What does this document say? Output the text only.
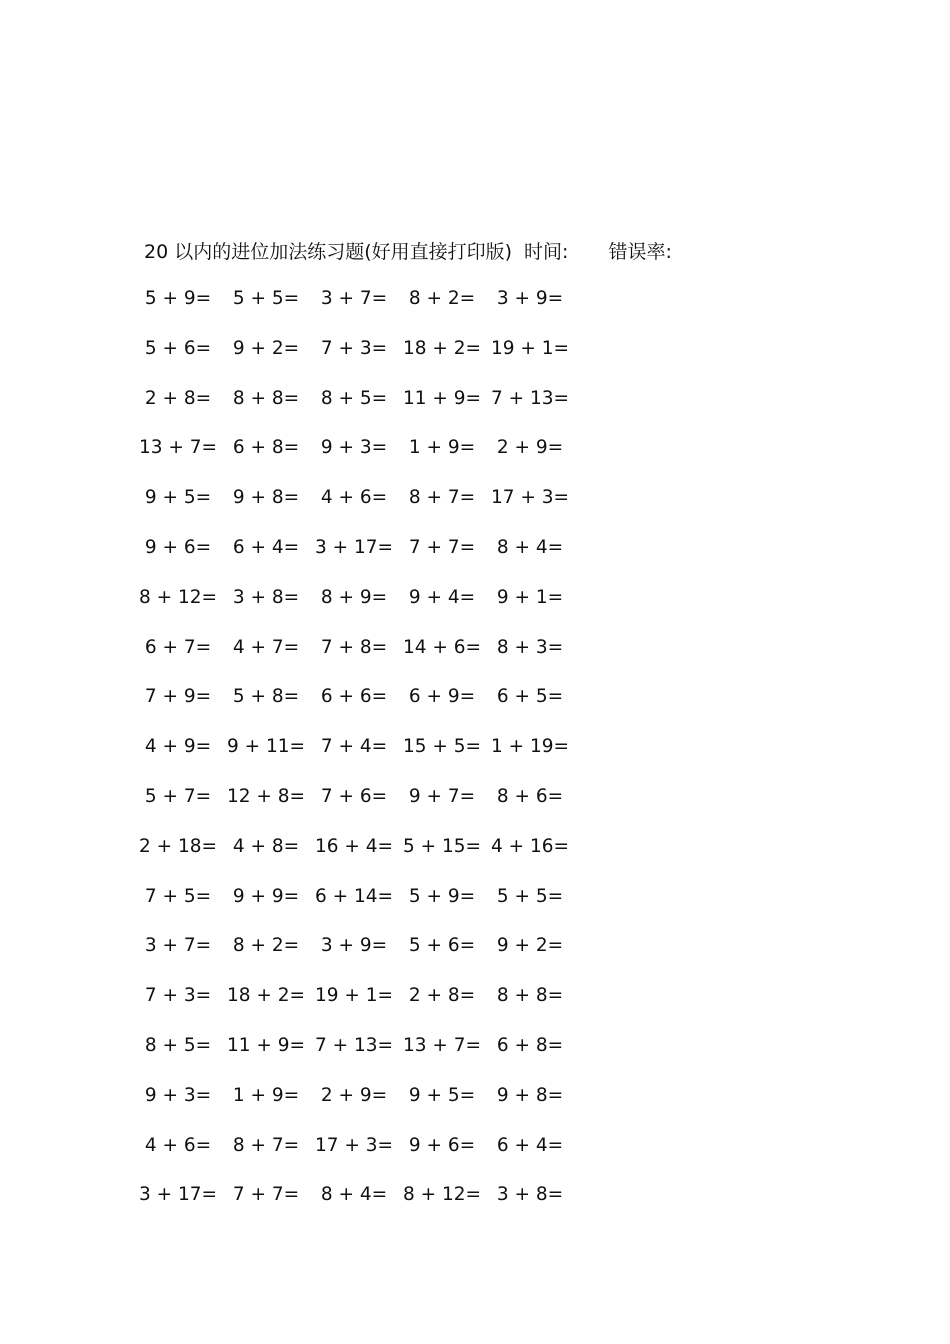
20 以内的进位加法练习题(好用直接打印版) 时间: 错误率:
5 + 9=	5 + 5=	3 + 7=	8 + 2=	3 + 9=
5 + 6=	9 + 2=	7 + 3= 18 + 2= 19 + 1=
2 + 8=	8 + 8=	8 + 5= 11 + 9= 7 + 13=
13 + 7= 6 + 8=	9 + 3=	1 + 9=	2 + 9=
9 + 5=	9 + 8=	4 + 6=	8 + 7= 17 + 3=
9 + 6=	6 + 4= 3 + 17= 7 + 7=	8 + 4=
8 + 12= 3 + 8=	8 + 9=	9 + 4=	9 + 1=
6 + 7=	4 + 7=	7 + 8= 14 + 6= 8 + 3=
7 + 9=	5 + 8=	6 + 6=	6 + 9=	6 + 5=
4 + 9= 9 + 11= 7 + 4= 15 + 5= 1 + 19=
5 + 7= 12 + 8= 7 + 6=	9 + 7=	8 + 6=
2 + 18= 4 + 8= 16 + 4= 5 + 15= 4 + 16=
7 + 5=	9 + 9= 6 + 14= 5 + 9=	5 + 5=
3 + 7=	8 + 2=	3 + 9=	5 + 6=	9 + 2=
7 + 3= 18 + 2= 19 + 1= 2 + 8=	8 + 8=
8 + 5= 11 + 9= 7 + 13= 13 + 7= 6 + 8=
9 + 3=	1 + 9=	2 + 9=	9 + 5=	9 + 8=
4 + 6=	8 + 7= 17 + 3= 9 + 6=	6 + 4=
3 + 17= 7 + 7=	8 + 4= 8 + 12= 3 + 8=
